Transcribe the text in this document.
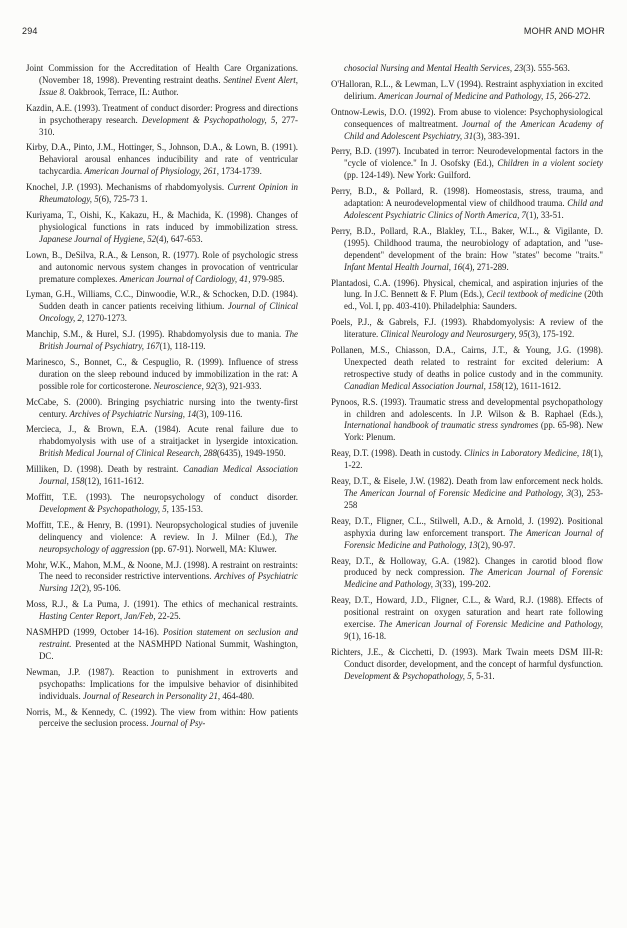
294	MOHR AND MOHR

Joint Commission for the Accreditation of Health Care Organizations. (November 18, 1998). Preventing restraint deaths. Sentinel Event Alert, Issue 8. Oakbrook, Terrace, IL: Author.

Kazdin, A.E. (1993). Treatment of conduct disorder: Progress and directions in psychotherapy research. Development & Psychopathology, 5, 277-310.

Kirby, D.A., Pinto, J.M., Hottinger, S., Johnson, D.A., & Lown, B. (1991). Behavioral arousal enhances inducibility and rate of ventricular tachycardia. American Journal of Physiology, 261, 1734-1739.

Knochel, J.P. (1993). Mechanisms of rhabdomyolysis. Current Opinion in Rheumatology, 5(6), 725-73 1.

Kuriyama, T., Oishi, K., Kakazu, H., & Machida, K. (1998). Changes of physiological functions in rats induced by immobilization stress. Japanese Journal of Hygiene, 52(4), 647-653.

Lown, B., DeSilva, R.A., & Lenson, R. (1977). Role of psychologic stress and autonomic nervous system changes in provocation of ventricular premature complexes. American Journal of Cardiology, 41, 979-985.

Lyman, G.H., Williams, C.C., Dinwoodie, W.R., & Schocken, D.D. (1984). Sudden death in cancer patients receiving lithium. Journal of Clinical Oncology, 2, 1270-1273.

Manchip, S.M., & Hurel, S.J. (1995). Rhabdomyolysis due to mania. The British Journal of Psychiatry, 167(1), 118-119.

Marinesco, S., Bonnet, C., & Cespuglio, R. (1999). Influence of stress duration on the sleep rebound induced by immobilization in the rat: A possible role for corticosterone. Neuroscience, 92(3), 921-933.

McCabe, S. (2000). Bringing psychiatric nursing into the twenty-first century. Archives of Psychiatric Nursing, 14(3), 109-116.

Mercieca, J., & Brown, E.A. (1984). Acute renal failure due to rhabdomyolysis with use of a straitjacket in lysergide intoxication. British Medical Journal of Clinical Research, 288(6435), 1949-1950.

Milliken, D. (1998). Death by restraint. Canadian Medical Association Journal, 158(12), 1611-1612.

Moffitt, T.E. (1993). The neuropsychology of conduct disorder. Development & Psychopathology, 5, 135-153.

Moffitt, T.E., & Henry, B. (1991). Neuropsychological studies of juvenile delinquency and violence: A review. In J. Milner (Ed.), The neuropsychology of aggression (pp. 67-91). Norwell, MA: Kluwer.

Mohr, W.K., Mahon, M.M., & Noone, M.J. (1998). A restraint on restraints: The need to reconsider restrictive interventions. Archives of Psychiatric Nursing 12(2), 95-106.

Moss, R.J., & La Puma, J. (1991). The ethics of mechanical restraints. Hasting Center Report, Jan/Feb, 22-25.

NASMHPD (1999, October 14-16). Position statement on seclusion and restraint. Presented at the NASMHPD National Summit, Washington, DC.

Newman, J.P. (1987). Reaction to punishment in extroverts and psychopaths: Implications for the impulsive behavior of disinhibited individuals. Journal of Research in Personality 21, 464-480.

Norris, M., & Kennedy, C. (1992). The view from within: How patients perceive the seclusion process. Journal of Psy-

chosocial Nursing and Mental Health Services, 23(3). 555-563.

O'Halloran, R.L., & Lewman, L.V (1994). Restraint asphyxiation in excited delirium. American Journal of Medicine and Pathology, 15, 266-272.

Ontnow-Lewis, D.O. (1992). From abuse to violence: Psychophysiological consequences of maltreatment. Journal of the American Academy of Child and Adolescent Psychiatry, 31(3), 383-391.

Perry, B.D. (1997). Incubated in terror: Neurodevelopmental factors in the "cycle of violence." In J. Osofsky (Ed.), Children in a violent society (pp. 124-149). New York: Guilford.

Perry, B.D., & Pollard, R. (1998). Homeostasis, stress, trauma, and adaptation: A neurodevelopmental view of childhood trauma. Child and Adolescent Psychiatric Clinics of North America, 7(1), 33-51.

Perry, B.D., Pollard, R.A., Blakley, T.L., Baker, W.L., & Vigilante, D. (1995). Childhood trauma, the neurobiology of adaptation, and "use-dependent" development of the brain: How "states" become "traits." Infant Mental Health Journal, 16(4), 271-289.

Plantadosi, C.A. (1996). Physical, chemical, and aspiration injuries of the lung. In J.C. Bennett & F. Plum (Eds.), Cecil textbook of medicine (20th ed., Vol. I, pp. 403-410). Philadelphia: Saunders.

Poels, P.J., & Gabrels, F.J. (1993). Rhabdomyolysis: A review of the literature. Clinical Neurology and Neurosurgery, 95(3), 175-192.

Pollanen, M.S., Chiasson, D.A., Cairns, J.T., & Young, J.G. (1998). Unexpected death related to restraint for excited delerium: A retrospective study of deaths in police custody and in the community. Canadian Medical Association Journal, 158(12), 1611-1612.

Pynoos, R.S. (1993). Traumatic stress and developmental psychopathology in children and adolescents. In J.P. Wilson & B. Raphael (Eds.), International handbook of traumatic stress syndromes (pp. 65-98). New York: Plenum.

Reay, D.T. (1998). Death in custody. Clinics in Laboratory Medicine, 18(1), 1-22.

Reay, D.T., & Eisele, J.W. (1982). Death from law enforcement neck holds. The American Journal of Forensic Medicine and Pathology, 3(3), 253-258

Reay, D.T., Fligner, C.L., Stilwell, A.D., & Arnold, J. (1992). Positional asphyxia during law enforcement transport. The American Journal of Forensic Medicine and Pathology, 13(2), 90-97.

Reay, D.T., & Holloway, G.A. (1982). Changes in carotid blood flow produced by neck compression. The American Journal of Forensic Medicine and Pathology, 3(33), 199-202.

Reay, D.T., Howard, J.D., Fligner, C.L., & Ward, R.J. (1988). Effects of positional restraint on oxygen saturation and heart rate following exercise. The American Journal of Forensic Medicine and Pathology, 9(1), 16-18.

Richters, J.E., & Cicchetti, D. (1993). Mark Twain meets DSM III-R: Conduct disorder, development, and the concept of harmful dysfunction. Development & Psychopathology, 5, 5-31.
